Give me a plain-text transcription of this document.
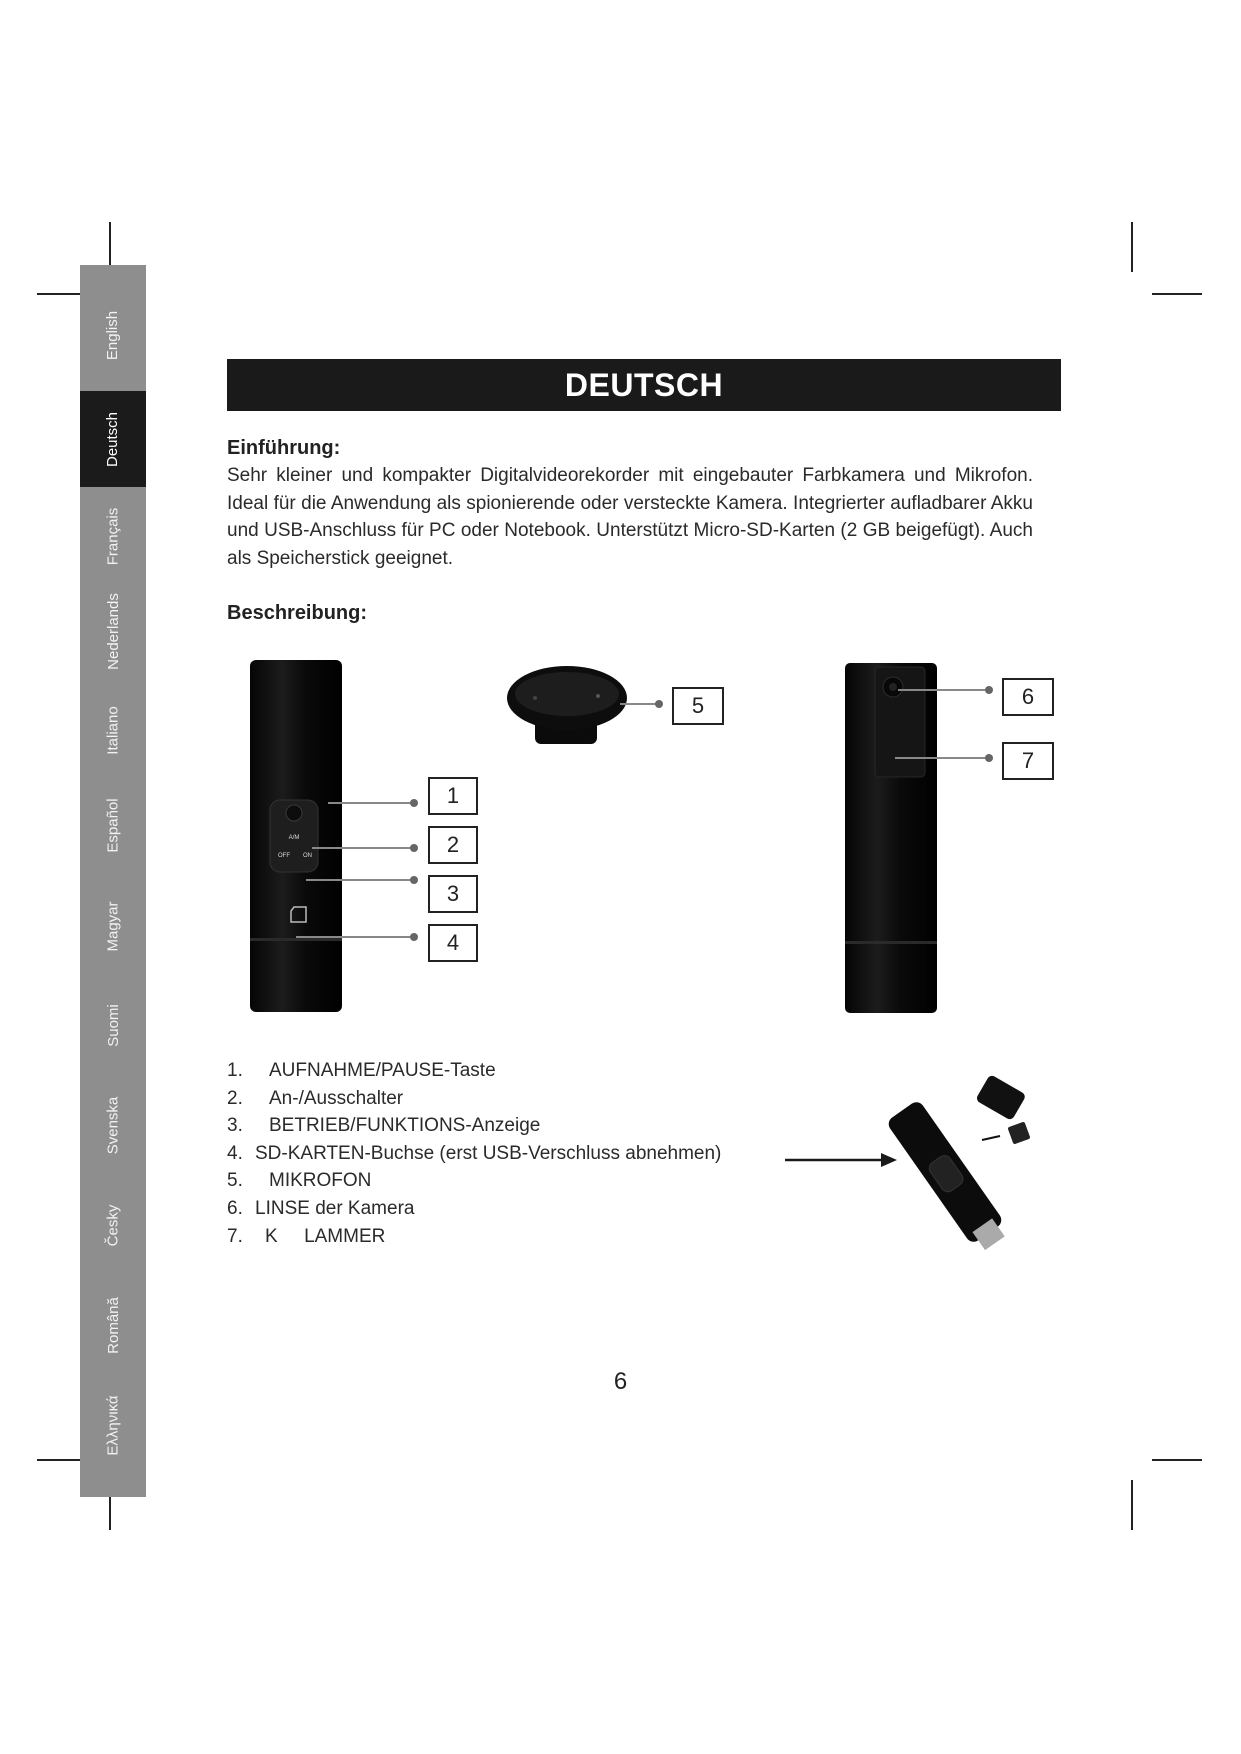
English
Deutsch
Français
Nederlands
Italiano
Español
Magyar
Suomi
Svenska
Česky
Română
Ελληνικά
DEUTSCH
Einführung:
Sehr kleiner und kompakter Digitalvideorekorder mit eingebauter Farbkamera und Mikrofon. Ideal für die Anwendung als spionierende oder versteckte Kamera. Integrierter aufladbarer Akku und USB-Anschluss für PC oder Notebook. Unterstützt Micro-SD-Karten (2 GB beigefügt). Auch als Speicherstick geeignet.
Beschreibung:
A/M
OFF ON
1
2
3
4
5	6
7
1. AUFNAHME/PAUSE-Taste
2. An-/Ausschalter
3. BETRIEB/FUNKTIONS-Anzeige
4. SD-KARTEN-Buchse (erst USB-Verschluss abnehmen)
5. MIKROFON
6. LINSE der Kamera
7. K     LAMMER
6
